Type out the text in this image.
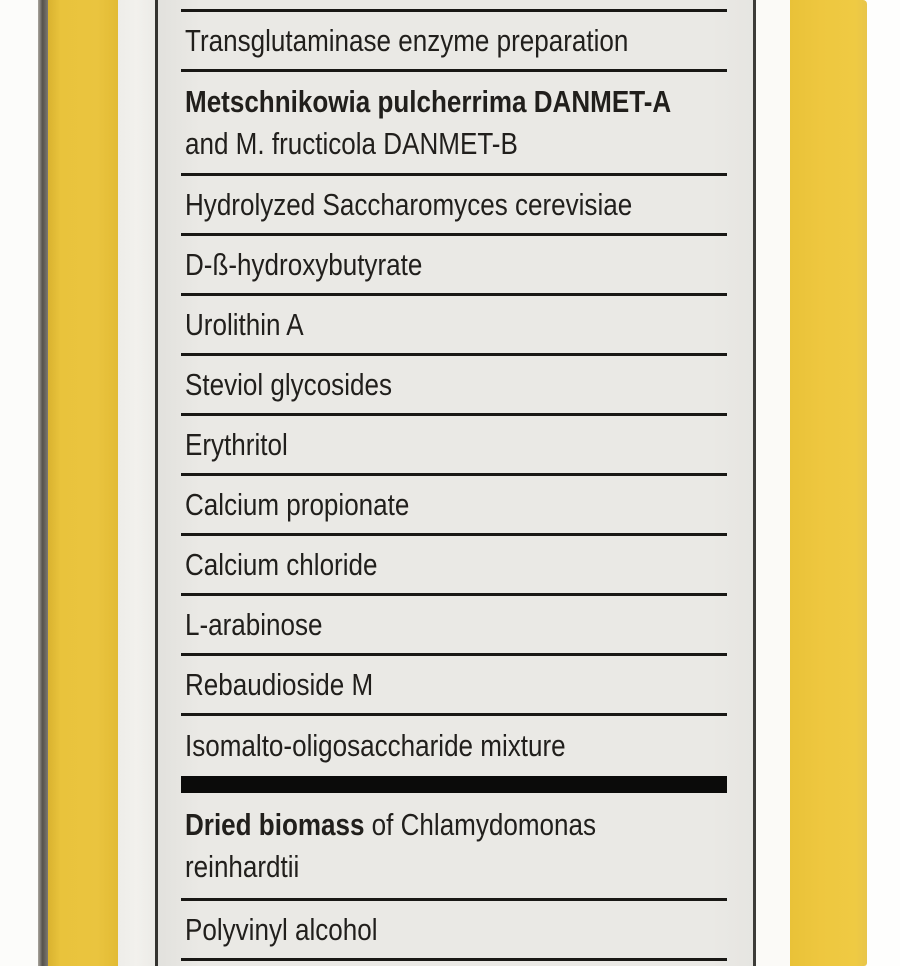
Transglutaminase enzyme preparation
Metschnikowia pulcherrima DANMET-A
and M. fructicola DANMET-B
Hydrolyzed Saccharomyces cerevisiae
D-ß-hydroxybutyrate
Urolithin A
Steviol glycosides
Erythritol
Calcium propionate
Calcium chloride
L-arabinose
Rebaudioside M
Isomalto-oligosaccharide mixture
Dried biomass of Chlamydomonas
reinhardtii
Polyvinyl alcohol
